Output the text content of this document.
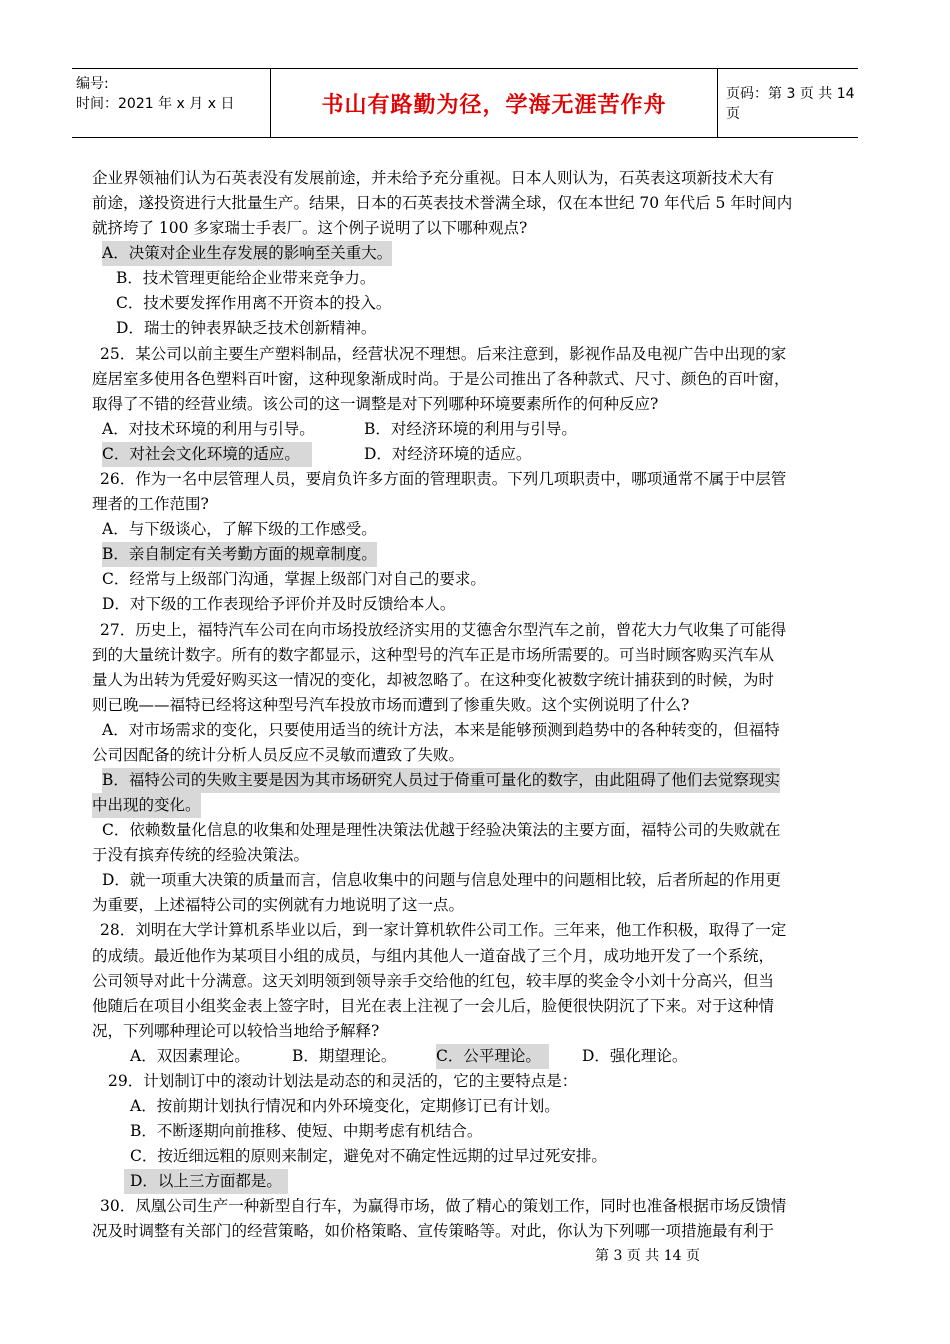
编号:
时间：2021 年 x 月 x 日	书山有路勤为径，学海无涯苦作舟	页码：第 3 页 共 14 页
企业界领袖们认为石英表没有发展前途，并未给予充分重视。日本人则认为，石英表这项新技术大有
前途，遂投资进行大批量生产。结果，日本的石英表技术誉满全球，仅在本世纪 70 年代后 5 年时间内
就挤垮了 100 多家瑞士手表厂。这个例子说明了以下哪种观点?
A．决策对企业生存发展的影响至关重大。
B．技术管理更能给企业带来竞争力。
C．技术要发挥作用离不开资本的投入。
D．瑞士的钟表界缺乏技术创新精神。
25．某公司以前主要生产塑料制品，经营状况不理想。后来注意到，影视作品及电视广告中出现的家
庭居室多使用各色塑料百叶窗，这种现象渐成时尚。于是公司推出了各种款式、尺寸、颜色的百叶窗，
取得了不错的经营业绩。该公司的这一调整是对下列哪种环境要素所作的何种反应?
A．对技术环境的利用与引导。	B．对经济环境的利用与引导。
C．对社会文化环境的适应。	D．对经济环境的适应。
26．作为一名中层管理人员，要肩负许多方面的管理职责。下列几项职责中，哪项通常不属于中层管
理者的工作范围?
A．与下级谈心，了解下级的工作感受。
B．亲自制定有关考勤方面的规章制度。
C．经常与上级部门沟通，掌握上级部门对自己的要求。
D．对下级的工作表现给予评价并及时反馈给本人。
27．历史上，福特汽车公司在向市场投放经济实用的艾德舍尔型汽车之前，曾花大力气收集了可能得
到的大量统计数字。所有的数字都显示，这种型号的汽车正是市场所需要的。可当时顾客购买汽车从
量人为出转为凭爱好购买这一情况的变化，却被忽略了。在这种变化被数字统计捕获到的时候，为时
则已晚——福特已经将这种型号汽车投放市场而遭到了惨重失败。这个实例说明了什么?
A．对市场需求的变化，只要使用适当的统计方法，本来是能够预测到趋势中的各种转变的，但福特
公司因配备的统计分析人员反应不灵敏而遭致了失败。
B．福特公司的失败主要是因为其市场研究人员过于倚重可量化的数字，由此阻碍了他们去觉察现实
中出现的变化。
C．依赖数量化信息的收集和处理是理性决策法优越于经验决策法的主要方面，福特公司的失败就在
于没有摈弃传统的经验决策法。
D．就一项重大决策的质量而言，信息收集中的问题与信息处理中的问题相比较，后者所起的作用更
为重要，上述福特公司的实例就有力地说明了这一点。
28．刘明在大学计算机系毕业以后，到一家计算机软件公司工作。三年来，他工作积极，取得了一定
的成绩。最近他作为某项目小组的成员，与组内其他人一道奋战了三个月，成功地开发了一个系统，
公司领导对此十分满意。这天刘明领到领导亲手交给他的红包，较丰厚的奖金令小刘十分高兴，但当
他随后在项目小组奖金表上签字时，目光在表上注视了一会儿后，脸便很快阴沉了下来。对于这种情
况，下列哪种理论可以较恰当地给予解释?
A．双因素理论。	B．期望理论。	C．公平理论。	D．强化理论。
29．计划制订中的滚动计划法是动态的和灵活的，它的主要特点是：
A．按前期计划执行情况和内外环境变化，定期修订已有计划。
B．不断逐期向前推移、使短、中期考虑有机结合。
C．按近细远粗的原则来制定，避免对不确定性远期的过早过死安排。
D．以上三方面都是。
30．凤凰公司生产一种新型自行车，为赢得市场，做了精心的策划工作，同时也准备根据市场反馈情
况及时调整有关部门的经营策略，如价格策略、宣传策略等。对此，你认为下列哪一项措施最有利于
第 3 页 共 14 页
